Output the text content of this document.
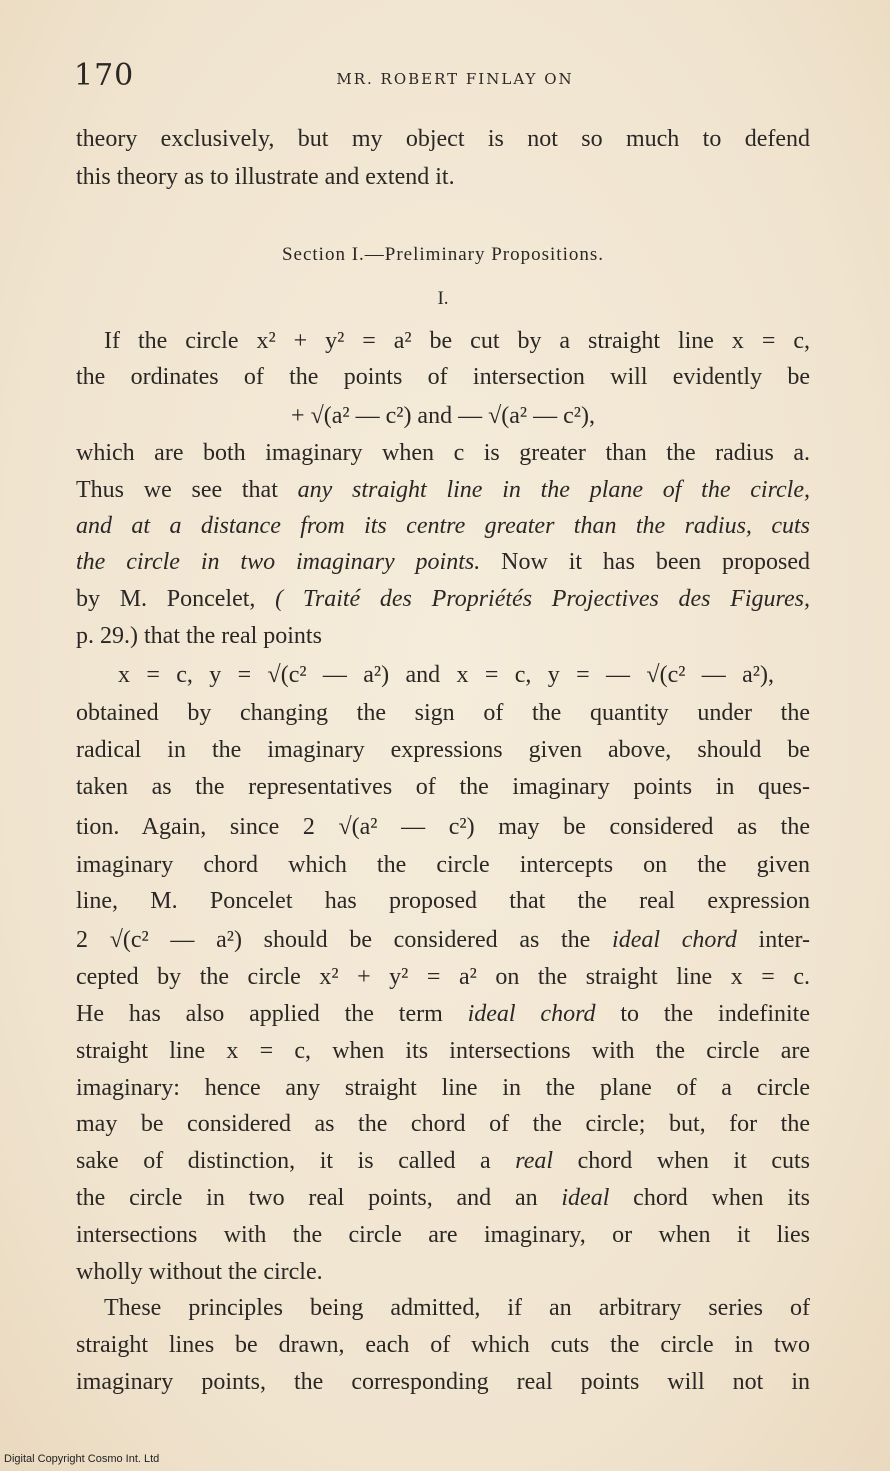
170	MR. ROBERT FINLAY ON
theory exclusively, but my object is not so much to defend
this theory as to illustrate and extend it.
Section I.—Preliminary Propositions.
I.
If the circle x² + y² = a² be cut by a straight line x = c,
the ordinates of the points of intersection will evidently be
+ √(a² — c²) and — √(a² — c²),
which are both imaginary when c is greater than the radius a.
Thus we see that any straight line in the plane of the circle,
and at a distance from its centre greater than the radius, cuts
the circle in two imaginary points. Now it has been proposed
by M. Poncelet, ( Traité des Propriétés Projectives des Figures,
p. 29.) that the real points
x = c, y = √(c² — a²) and x = c, y = — √(c² — a²),
obtained by changing the sign of the quantity under the
radical in the imaginary expressions given above, should be
taken as the representatives of the imaginary points in ques-
tion. Again, since 2 √(a² — c²) may be considered as the
imaginary chord which the circle intercepts on the given
line, M. Poncelet has proposed that the real expression
2 √(c² — a²) should be considered as the ideal chord inter-
cepted by the circle x² + y² = a² on the straight line x = c.
He has also applied the term ideal chord to the indefinite
straight line x = c, when its intersections with the circle are
imaginary: hence any straight line in the plane of a circle
may be considered as the chord of the circle; but, for the
sake of distinction, it is called a real chord when it cuts
the circle in two real points, and an ideal chord when its
intersections with the circle are imaginary, or when it lies
wholly without the circle.
These principles being admitted, if an arbitrary series of
straight lines be drawn, each of which cuts the circle in two
imaginary points, the corresponding real points will not in
Digital Copyright Cosmo Int. Ltd
